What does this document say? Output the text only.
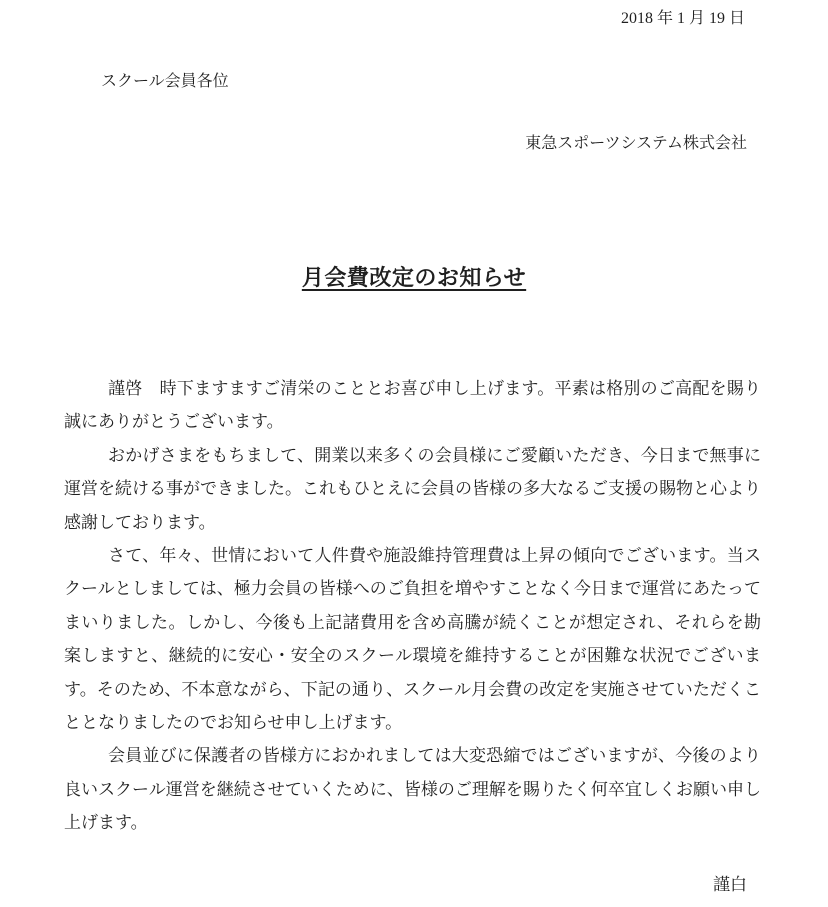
2018 年 1 月 19 日
スクール会員各位
東急スポーツシステム株式会社
月会費改定のお知らせ

謹啓　時下ますますご清栄のこととお喜び申し上げます。平素は格別のご高配を賜り誠にありがとうございます。

おかげさまをもちまして、開業以来多くの会員様にご愛顧いただき、今日まで無事に運営を続ける事ができました。これもひとえに会員の皆様の多大なるご支援の賜物と心より感謝しております。

さて、年々、世情において人件費や施設維持管理費は上昇の傾向でございます。当スクールとしましては、極力会員の皆様へのご負担を増やすことなく今日まで運営にあたってまいりました。しかし、今後も上記諸費用を含め高騰が続くことが想定され、それらを勘案しますと、継続的に安心・安全のスクール環境を維持することが困難な状況でございます。そのため、不本意ながら、下記の通り、スクール月会費の改定を実施させていただくこととなりましたのでお知らせ申し上げます。

会員並びに保護者の皆様方におかれましては大変恐縮ではございますが、今後のより良いスクール運営を継続させていくために、皆様のご理解を賜りたく何卒宜しくお願い申し上げます。

謹白
